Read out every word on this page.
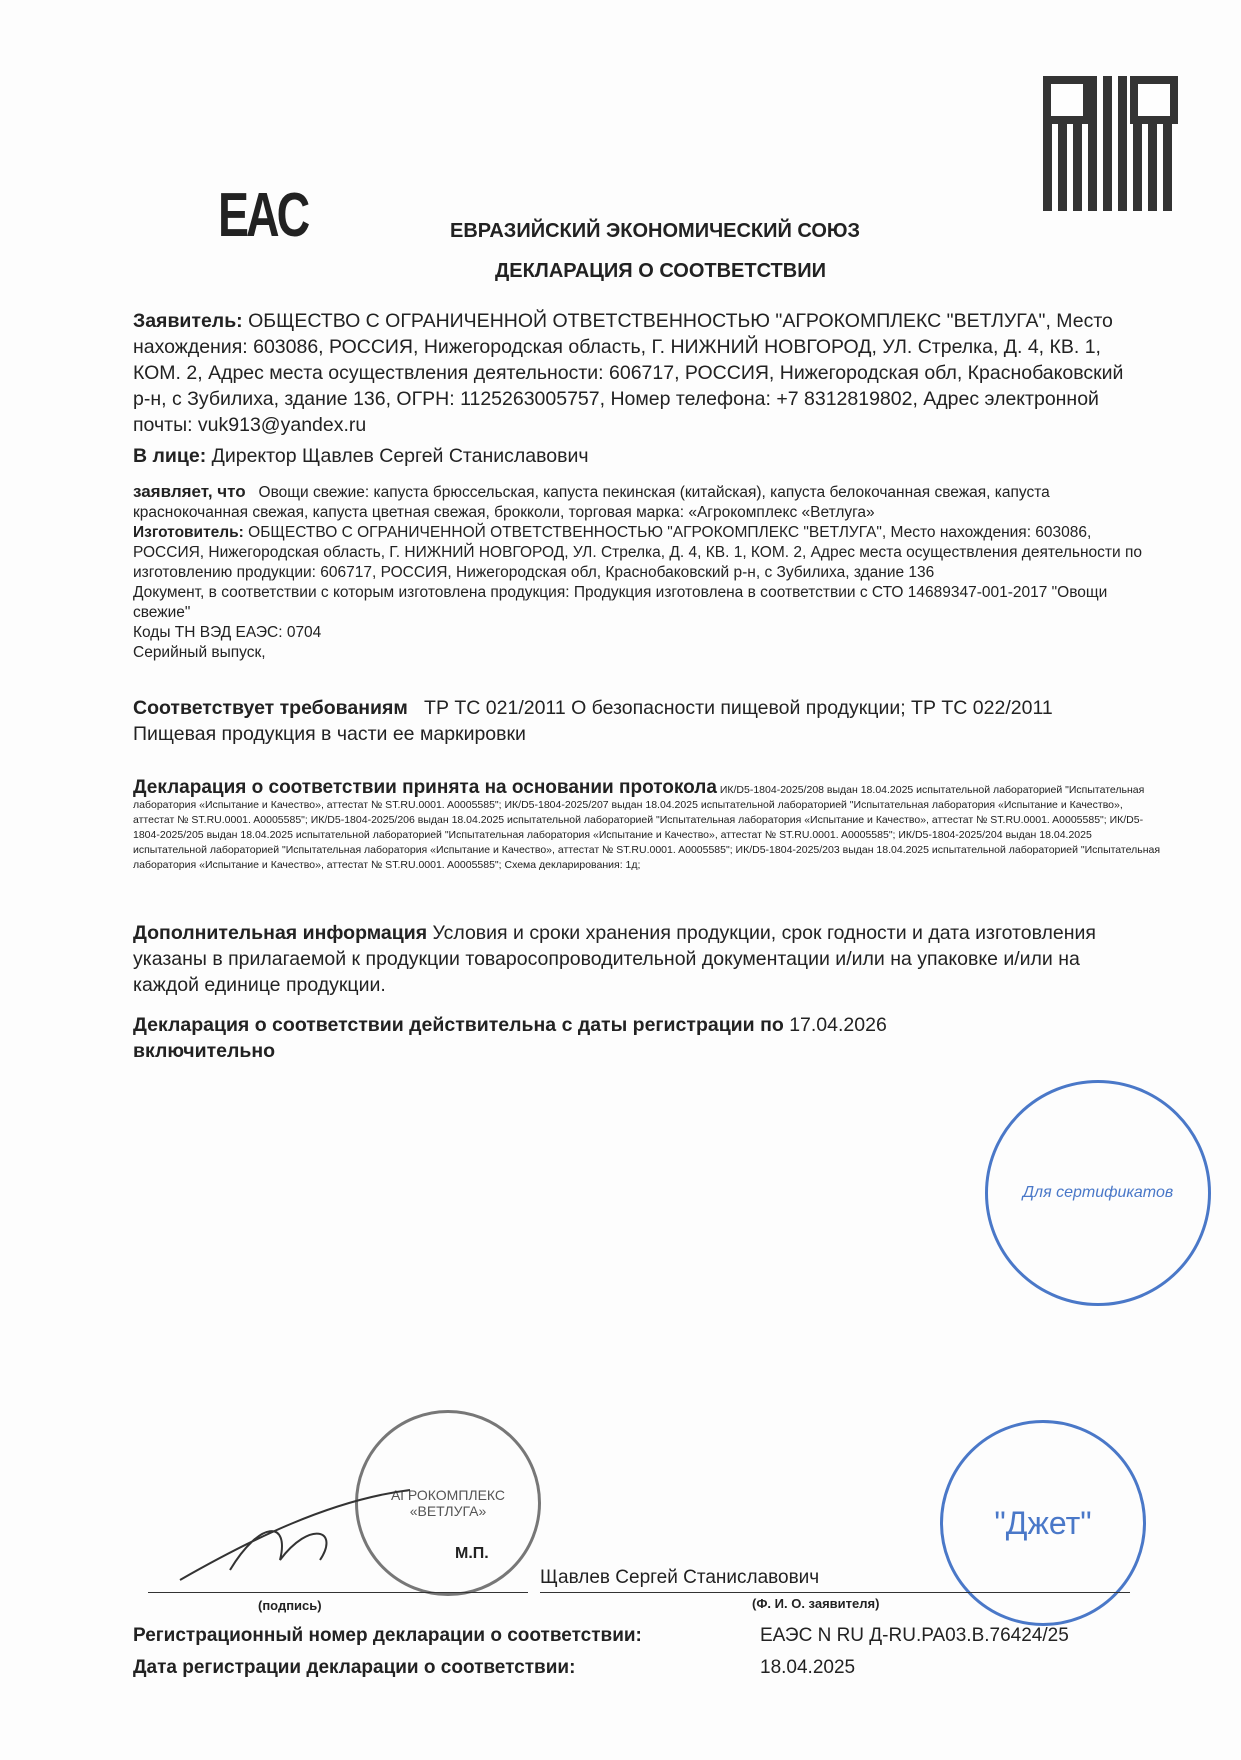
EAC	ЕВРАЗИЙСКИЙ ЭКОНОМИЧЕСКИЙ СОЮЗ
ДЕКЛАРАЦИЯ О СООТВЕТСТВИИ
Заявитель: ОБЩЕСТВО С ОГРАНИЧЕННОЙ ОТВЕТСТВЕННОСТЬЮ "АГРОКОМПЛЕКС "ВЕТЛУГА", Место нахождения: 603086, РОССИЯ, Нижегородская область, Г. НИЖНИЙ НОВГОРОД, УЛ. Стрелка, Д. 4, КВ. 1, КОМ. 2, Адрес места осуществления деятельности: 606717, РОССИЯ, Нижегородская обл, Краснобаковский р-н, с Зубилиха, здание 136, ОГРН: 1125263005757, Номер телефона: +7 8312819802, Адрес электронной почты: vuk913@yandex.ru
В лице: Директор Щавлев Сергей Станиславович
заявляет, что Овощи свежие: капуста брюссельская, капуста пекинская (китайская), капуста белокочанная свежая, капуста краснокочанная свежая, капуста цветная свежая, брокколи, торговая марка: «Агрокомплекс «Ветлуга»
Изготовитель: ОБЩЕСТВО С ОГРАНИЧЕННОЙ ОТВЕТСТВЕННОСТЬЮ "АГРОКОМПЛЕКС "ВЕТЛУГА", Место нахождения: 603086, РОССИЯ, Нижегородская область, Г. НИЖНИЙ НОВГОРОД, УЛ. Стрелка, Д. 4, КВ. 1, КОМ. 2, Адрес места осуществления деятельности по изготовлению продукции: 606717, РОССИЯ, Нижегородская обл, Краснобаковский р-н, с Зубилиха, здание 136
Документ, в соответствии с которым изготовлена продукция: Продукция изготовлена в соответствии с СТО 14689347-001-2017 "Овощи свежие"
Коды ТН ВЭД ЕАЭС: 0704
Серийный выпуск,
Соответствует требованиям ТР ТС 021/2011 О безопасности пищевой продукции; ТР ТС 022/2011 Пищевая продукция в части ее маркировки
Декларация о соответствии принята на основании протокола ИК/D5-1804-2025/208 выдан 18.04.2025 испытательной лабораторией "Испытательная лаборатория «Испытание и Качество», аттестат № ST.RU.0001. A0005585"; ИК/D5-1804-2025/207 выдан 18.04.2025 испытательной лабораторией "Испытательная лаборатория «Испытание и Качество», аттестат № ST.RU.0001. A0005585"; ИК/D5-1804-2025/206 выдан 18.04.2025 испытательной лабораторией "Испытательная лаборатория «Испытание и Качество», аттестат № ST.RU.0001. A0005585"; ИК/D5-1804-2025/205 выдан 18.04.2025 испытательной лабораторией "Испытательная лаборатория «Испытание и Качество», аттестат № ST.RU.0001. A0005585"; ИК/D5-1804-2025/204 выдан 18.04.2025 испытательной лабораторией "Испытательная лаборатория «Испытание и Качество», аттестат № ST.RU.0001. A0005585"; ИК/D5-1804-2025/203 выдан 18.04.2025 испытательной лабораторией "Испытательная лаборатория «Испытание и Качество», аттестат № ST.RU.0001. A0005585"; Схема декларирования: 1д;
Дополнительная информация Условия и сроки хранения продукции, срок годности и дата изготовления указаны в прилагаемой к продукции товаросопроводительной документации и/или на упаковке и/или на каждой единице продукции.
Декларация о соответствии действительна с даты регистрации по 17.04.2026
включительно
Для сертификатов
АГРОКОМПЛЕКС «ВЕТЛУГА»	"Джет"
М.П.
Щавлев Сергей Станиславович
(подпись)	(Ф. И. О. заявителя)
Регистрационный номер декларации о соответствии:	ЕАЭС N RU Д-RU.PA03.B.76424/25
Дата регистрации декларации о соответствии:	18.04.2025
